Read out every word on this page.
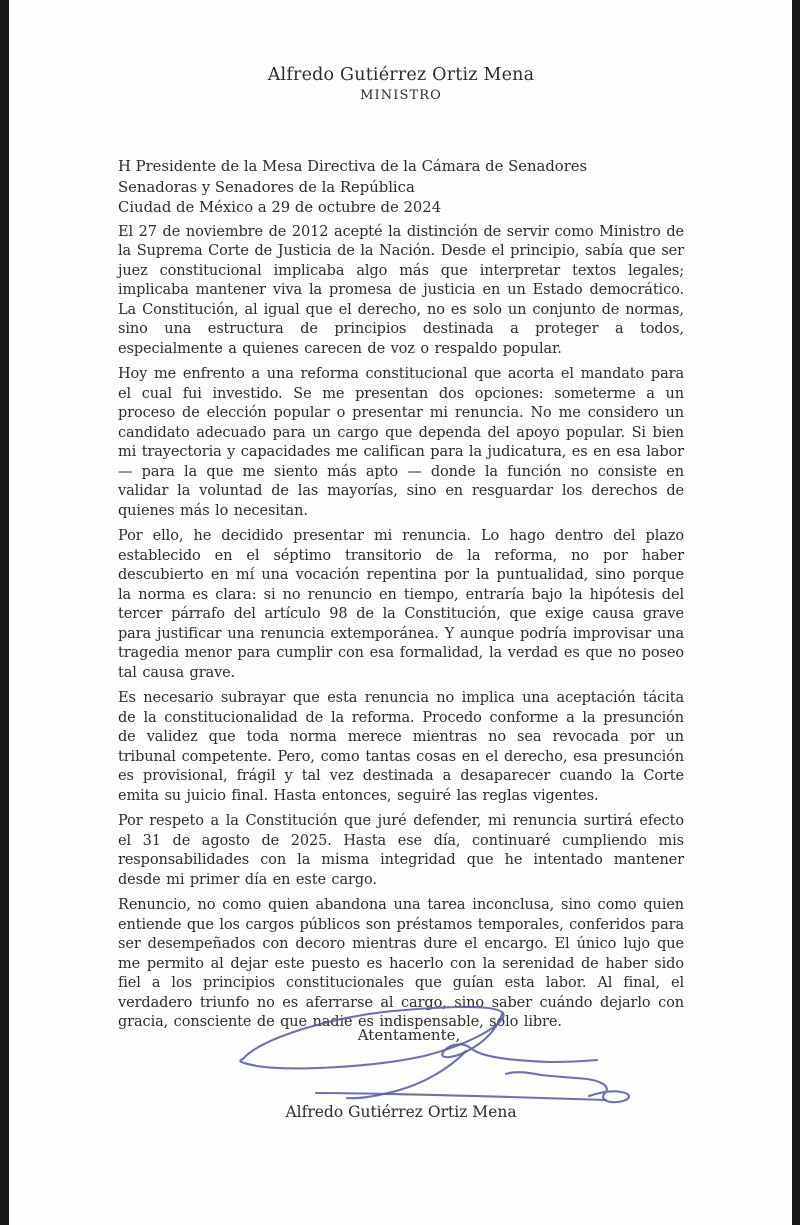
Alfredo Gutiérrez Ortiz Mena
MINISTRO
H Presidente de la Mesa Directiva de la Cámara de Senadores
Senadoras y Senadores de la República
Ciudad de México a 29 de octubre de 2024

El 27 de noviembre de 2012 acepté la distinción de servir como Ministro de la Suprema Corte de Justicia de la Nación. Desde el principio, sabía que ser juez constitucional implicaba algo más que interpretar textos legales; implicaba mantener viva la promesa de justicia en un Estado democrático. La Constitución, al igual que el derecho, no es solo un conjunto de normas, sino una estructura de principios destinada a proteger a todos, especialmente a quienes carecen de voz o respaldo popular.

Hoy me enfrento a una reforma constitucional que acorta el mandato para el cual fui investido. Se me presentan dos opciones: someterme a un proceso de elección popular o presentar mi renuncia. No me considero un candidato adecuado para un cargo que dependa del apoyo popular. Si bien mi trayectoria y capacidades me califican para la judicatura, es en esa labor — para la que me siento más apto — donde la función no consiste en validar la voluntad de las mayorías, sino en resguardar los derechos de quienes más lo necesitan.

Por ello, he decidido presentar mi renuncia. Lo hago dentro del plazo establecido en el séptimo transitorio de la reforma, no por haber descubierto en mí una vocación repentina por la puntualidad, sino porque la norma es clara: si no renuncio en tiempo, entraría bajo la hipótesis del tercer párrafo del artículo 98 de la Constitución, que exige causa grave para justificar una renuncia extemporánea. Y aunque podría improvisar una tragedia menor para cumplir con esa formalidad, la verdad es que no poseo tal causa grave.

Es necesario subrayar que esta renuncia no implica una aceptación tácita de la constitucionalidad de la reforma. Procedo conforme a la presunción de validez que toda norma merece mientras no sea revocada por un tribunal competente. Pero, como tantas cosas en el derecho, esa presunción es provisional, frágil y tal vez destinada a desaparecer cuando la Corte emita su juicio final. Hasta entonces, seguiré las reglas vigentes.

Por respeto a la Constitución que juré defender, mi renuncia surtirá efecto el 31 de agosto de 2025. Hasta ese día, continuaré cumpliendo mis responsabilidades con la misma integridad que he intentado mantener desde mi primer día en este cargo.

Renuncio, no como quien abandona una tarea inconclusa, sino como quien entiende que los cargos públicos son préstamos temporales, conferidos para ser desempeñados con decoro mientras dure el encargo. El único lujo que me permito al dejar este puesto es hacerlo con la serenidad de haber sido fiel a los principios constitucionales que guían esta labor. Al final, el verdadero triunfo no es aferrarse al cargo, sino saber cuándo dejarlo con gracia, consciente de que nadie es indispensable, solo libre.

Atentamente,
Alfredo Gutiérrez Ortiz Mena
